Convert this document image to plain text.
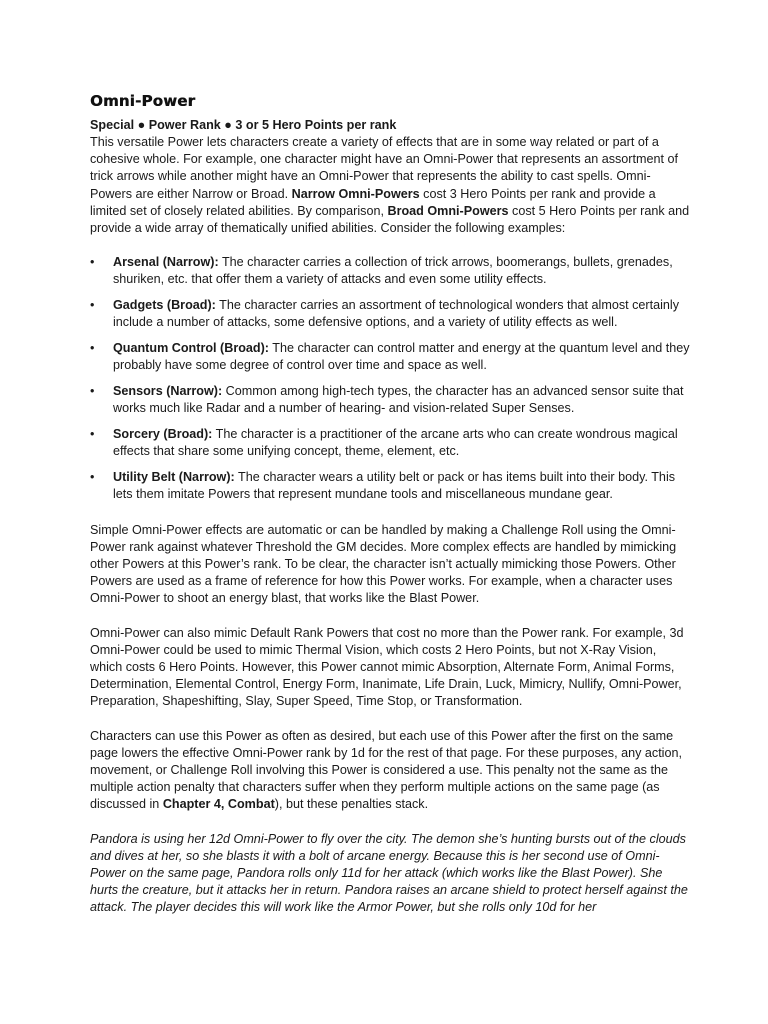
Omni-Power
Special ● Power Rank ● 3 or 5 Hero Points per rank

This versatile Power lets characters create a variety of effects that are in some way related or part of a cohesive whole. For example, one character might have an Omni-Power that represents an assortment of trick arrows while another might have an Omni-Power that represents the ability to cast spells. Omni-Powers are either Narrow or Broad. Narrow Omni-Powers cost 3 Hero Points per rank and provide a limited set of closely related abilities. By comparison, Broad Omni-Powers cost 5 Hero Points per rank and provide a wide array of thematically unified abilities. Consider the following examples:

• Arsenal (Narrow): The character carries a collection of trick arrows, boomerangs, bullets, grenades, shuriken, etc. that offer them a variety of attacks and even some utility effects.
• Gadgets (Broad): The character carries an assortment of technological wonders that almost certainly include a number of attacks, some defensive options, and a variety of utility effects as well.
• Quantum Control (Broad): The character can control matter and energy at the quantum level and they probably have some degree of control over time and space as well.
• Sensors (Narrow): Common among high-tech types, the character has an advanced sensor suite that works much like Radar and a number of hearing- and vision-related Super Senses.
• Sorcery (Broad): The character is a practitioner of the arcane arts who can create wondrous magical effects that share some unifying concept, theme, element, etc.
• Utility Belt (Narrow): The character wears a utility belt or pack or has items built into their body. This lets them imitate Powers that represent mundane tools and miscellaneous mundane gear.

Simple Omni-Power effects are automatic or can be handled by making a Challenge Roll using the Omni-Power rank against whatever Threshold the GM decides. More complex effects are handled by mimicking other Powers at this Power’s rank. To be clear, the character isn’t actually mimicking those Powers. Other Powers are used as a frame of reference for how this Power works. For example, when a character uses Omni-Power to shoot an energy blast, that works like the Blast Power.

Omni-Power can also mimic Default Rank Powers that cost no more than the Power rank. For example, 3d Omni-Power could be used to mimic Thermal Vision, which costs 2 Hero Points, but not X-Ray Vision, which costs 6 Hero Points. However, this Power cannot mimic Absorption, Alternate Form, Animal Forms, Determination, Elemental Control, Energy Form, Inanimate, Life Drain, Luck, Mimicry, Nullify, Omni-Power, Preparation, Shapeshifting, Slay, Super Speed, Time Stop, or Transformation.

Characters can use this Power as often as desired, but each use of this Power after the first on the same page lowers the effective Omni-Power rank by 1d for the rest of that page. For these purposes, any action, movement, or Challenge Roll involving this Power is considered a use. This penalty not the same as the multiple action penalty that characters suffer when they perform multiple actions on the same page (as discussed in Chapter 4, Combat), but these penalties stack.

Pandora is using her 12d Omni-Power to fly over the city. The demon she’s hunting bursts out of the clouds and dives at her, so she blasts it with a bolt of arcane energy. Because this is her second use of Omni-Power on the same page, Pandora rolls only 11d for her attack (which works like the Blast Power). She hurts the creature, but it attacks her in return. Pandora raises an arcane shield to protect herself against the attack. The player decides this will work like the Armor Power, but she rolls only 10d for her
